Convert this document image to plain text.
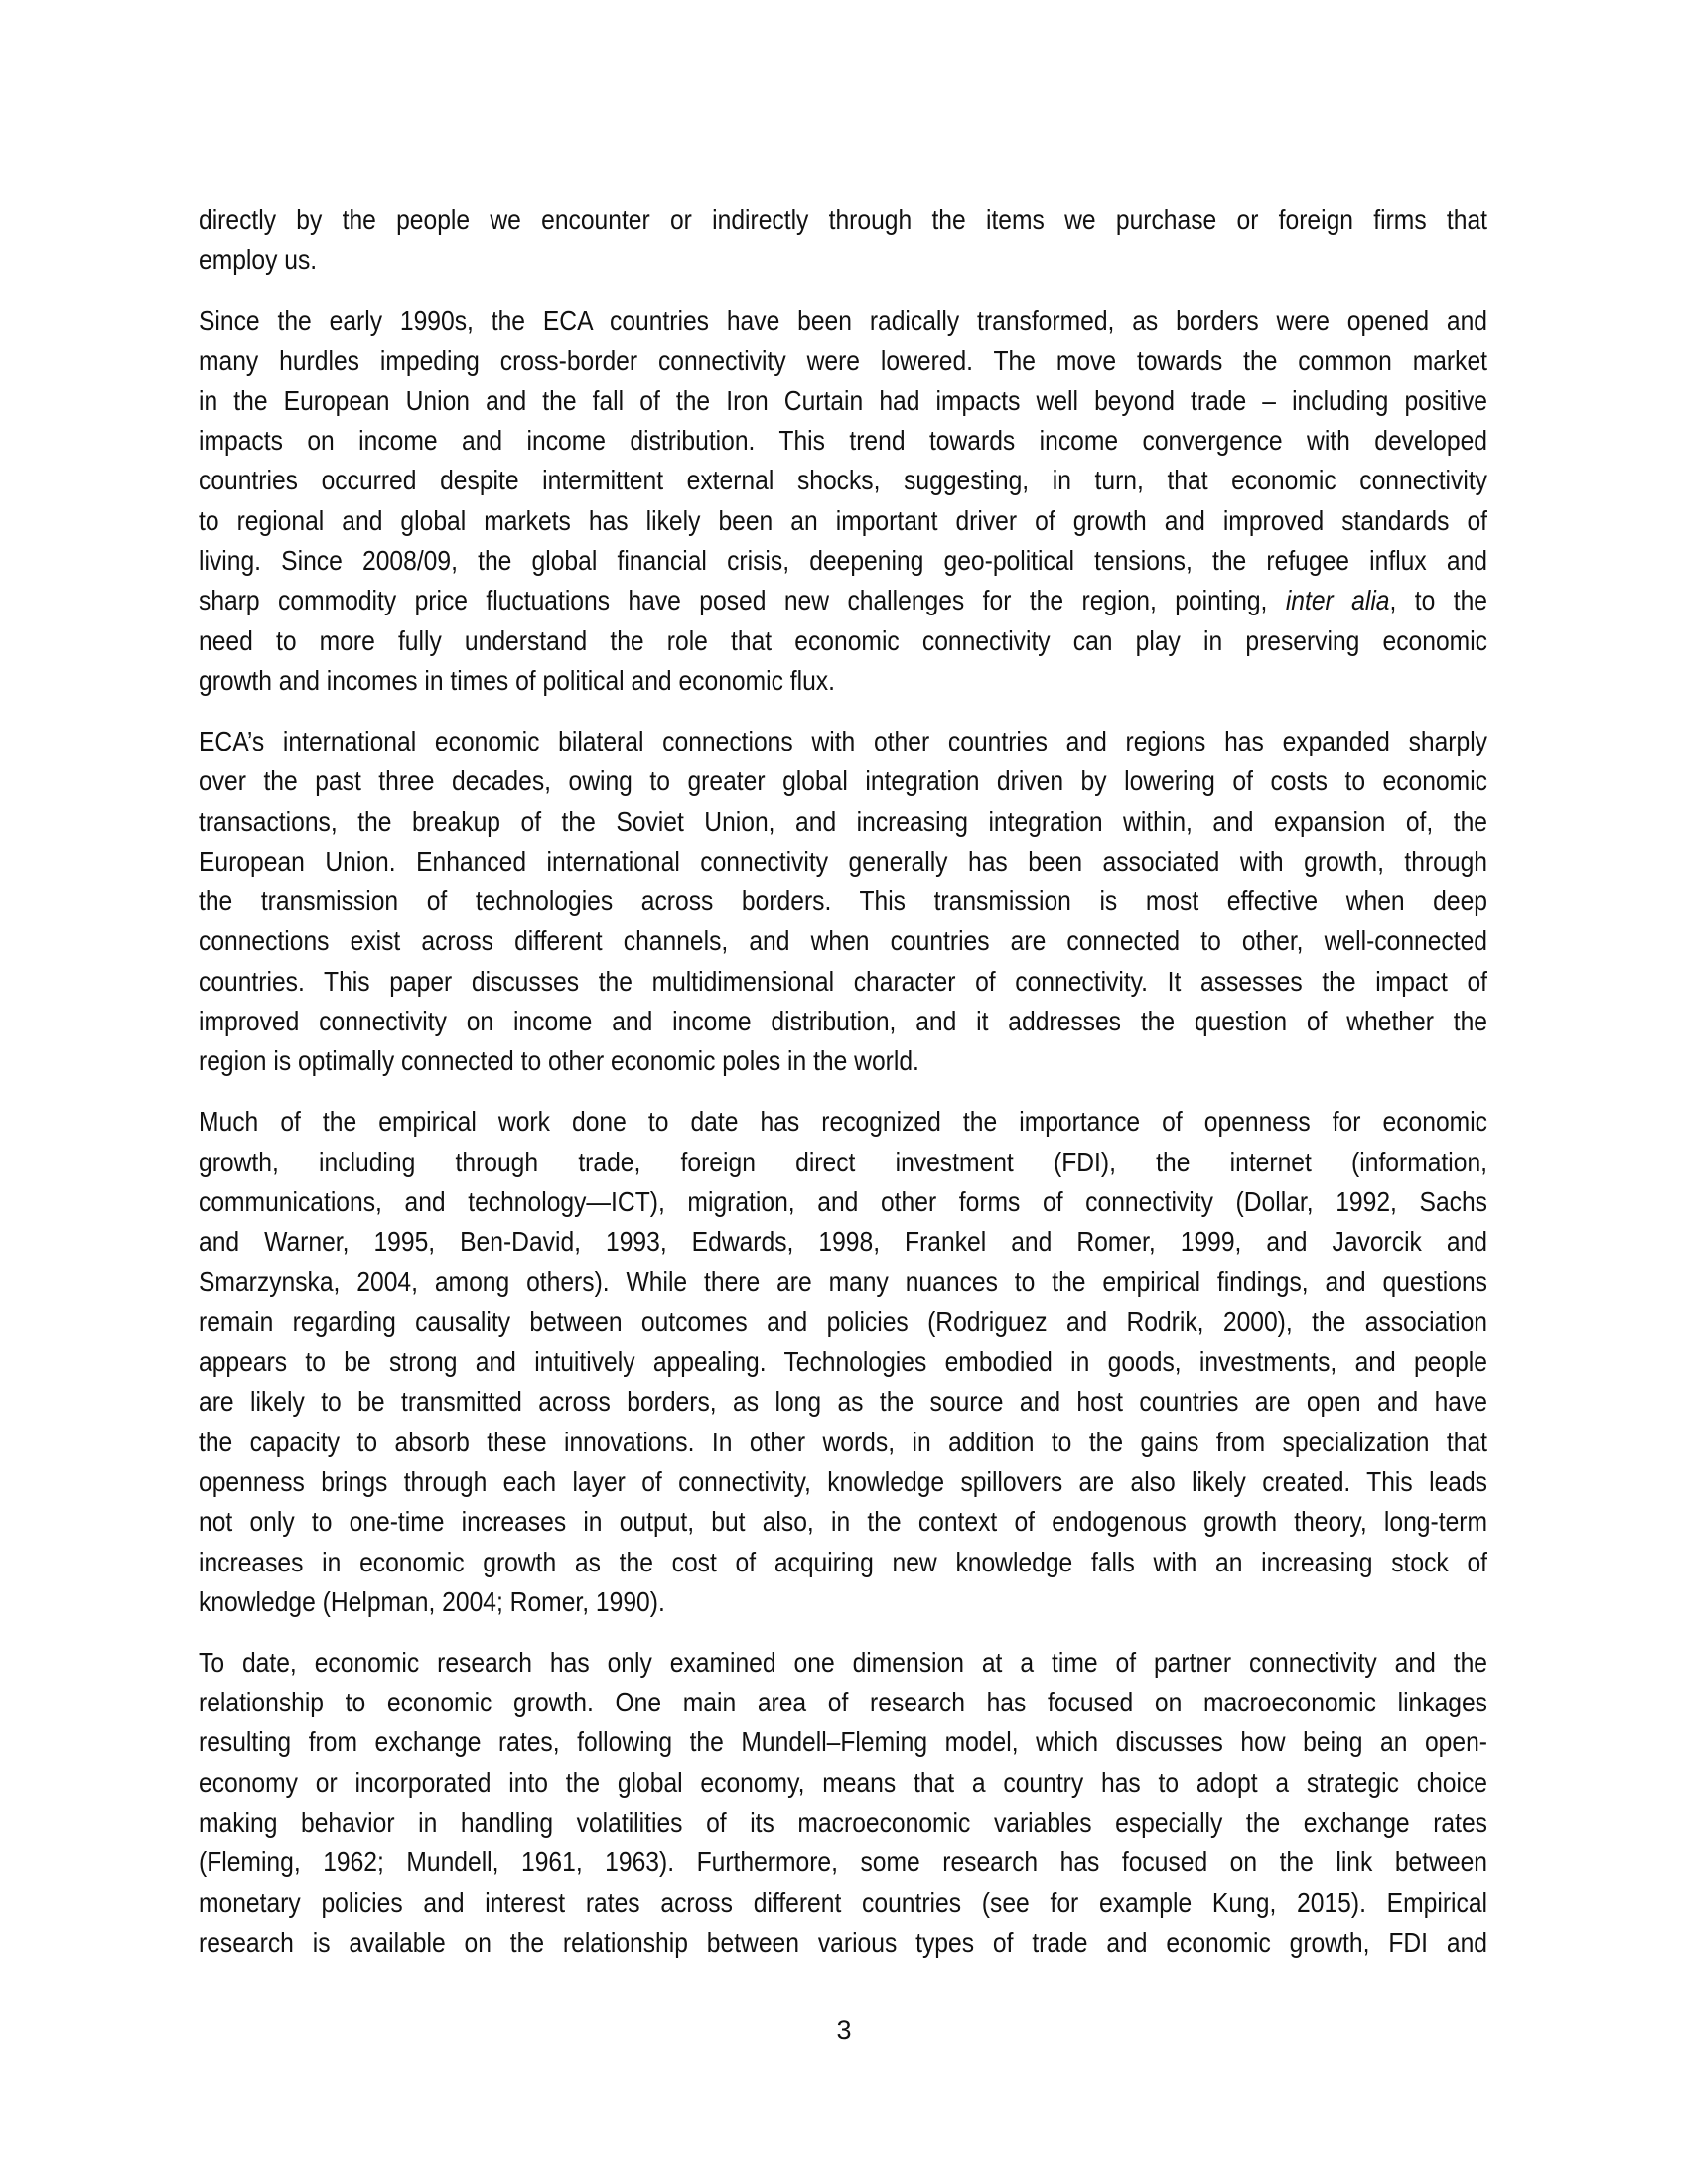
directly by the people we encounter or indirectly through the items we purchase or foreign firms that
employ us.

Since the early 1990s, the ECA countries have been radically transformed, as borders were opened and
many hurdles impeding cross-border connectivity were lowered. The move towards the common market
in the European Union and the fall of the Iron Curtain had impacts well beyond trade – including positive
impacts on income and income distribution. This trend towards income convergence with developed
countries occurred despite intermittent external shocks, suggesting, in turn, that economic connectivity
to regional and global markets has likely been an important driver of growth and improved standards of
living. Since 2008/09, the global financial crisis, deepening geo-political tensions, the refugee influx and
sharp commodity price fluctuations have posed new challenges for the region, pointing, inter alia, to the
need to more fully understand the role that economic connectivity can play in preserving economic
growth and incomes in times of political and economic flux.

ECA’s international economic bilateral connections with other countries and regions has expanded sharply
over the past three decades, owing to greater global integration driven by lowering of costs to economic
transactions, the breakup of the Soviet Union, and increasing integration within, and expansion of, the
European Union. Enhanced international connectivity generally has been associated with growth, through
the transmission of technologies across borders. This transmission is most effective when deep
connections exist across different channels, and when countries are connected to other, well-connected
countries. This paper discusses the multidimensional character of connectivity. It assesses the impact of
improved connectivity on income and income distribution, and it addresses the question of whether the
region is optimally connected to other economic poles in the world.

Much of the empirical work done to date has recognized the importance of openness for economic
growth, including through trade, foreign direct investment (FDI), the internet (information,
communications, and technology—ICT), migration, and other forms of connectivity (Dollar, 1992, Sachs
and Warner, 1995, Ben-David, 1993, Edwards, 1998, Frankel and Romer, 1999, and Javorcik and
Smarzynska, 2004, among others). While there are many nuances to the empirical findings, and questions
remain regarding causality between outcomes and policies (Rodriguez and Rodrik, 2000), the association
appears to be strong and intuitively appealing. Technologies embodied in goods, investments, and people
are likely to be transmitted across borders, as long as the source and host countries are open and have
the capacity to absorb these innovations. In other words, in addition to the gains from specialization that
openness brings through each layer of connectivity, knowledge spillovers are also likely created. This leads
not only to one-time increases in output, but also, in the context of endogenous growth theory, long-term
increases in economic growth as the cost of acquiring new knowledge falls with an increasing stock of
knowledge (Helpman, 2004; Romer, 1990).

To date, economic research has only examined one dimension at a time of partner connectivity and the
relationship to economic growth. One main area of research has focused on macroeconomic linkages
resulting from exchange rates, following the Mundell–Fleming model, which discusses how being an open-
economy or incorporated into the global economy, means that a country has to adopt a strategic choice
making behavior in handling volatilities of its macroeconomic variables especially the exchange rates
(Fleming, 1962; Mundell, 1961, 1963). Furthermore, some research has focused on the link between
monetary policies and interest rates across different countries (see for example Kung, 2015). Empirical
research is available on the relationship between various types of trade and economic growth, FDI and

3
